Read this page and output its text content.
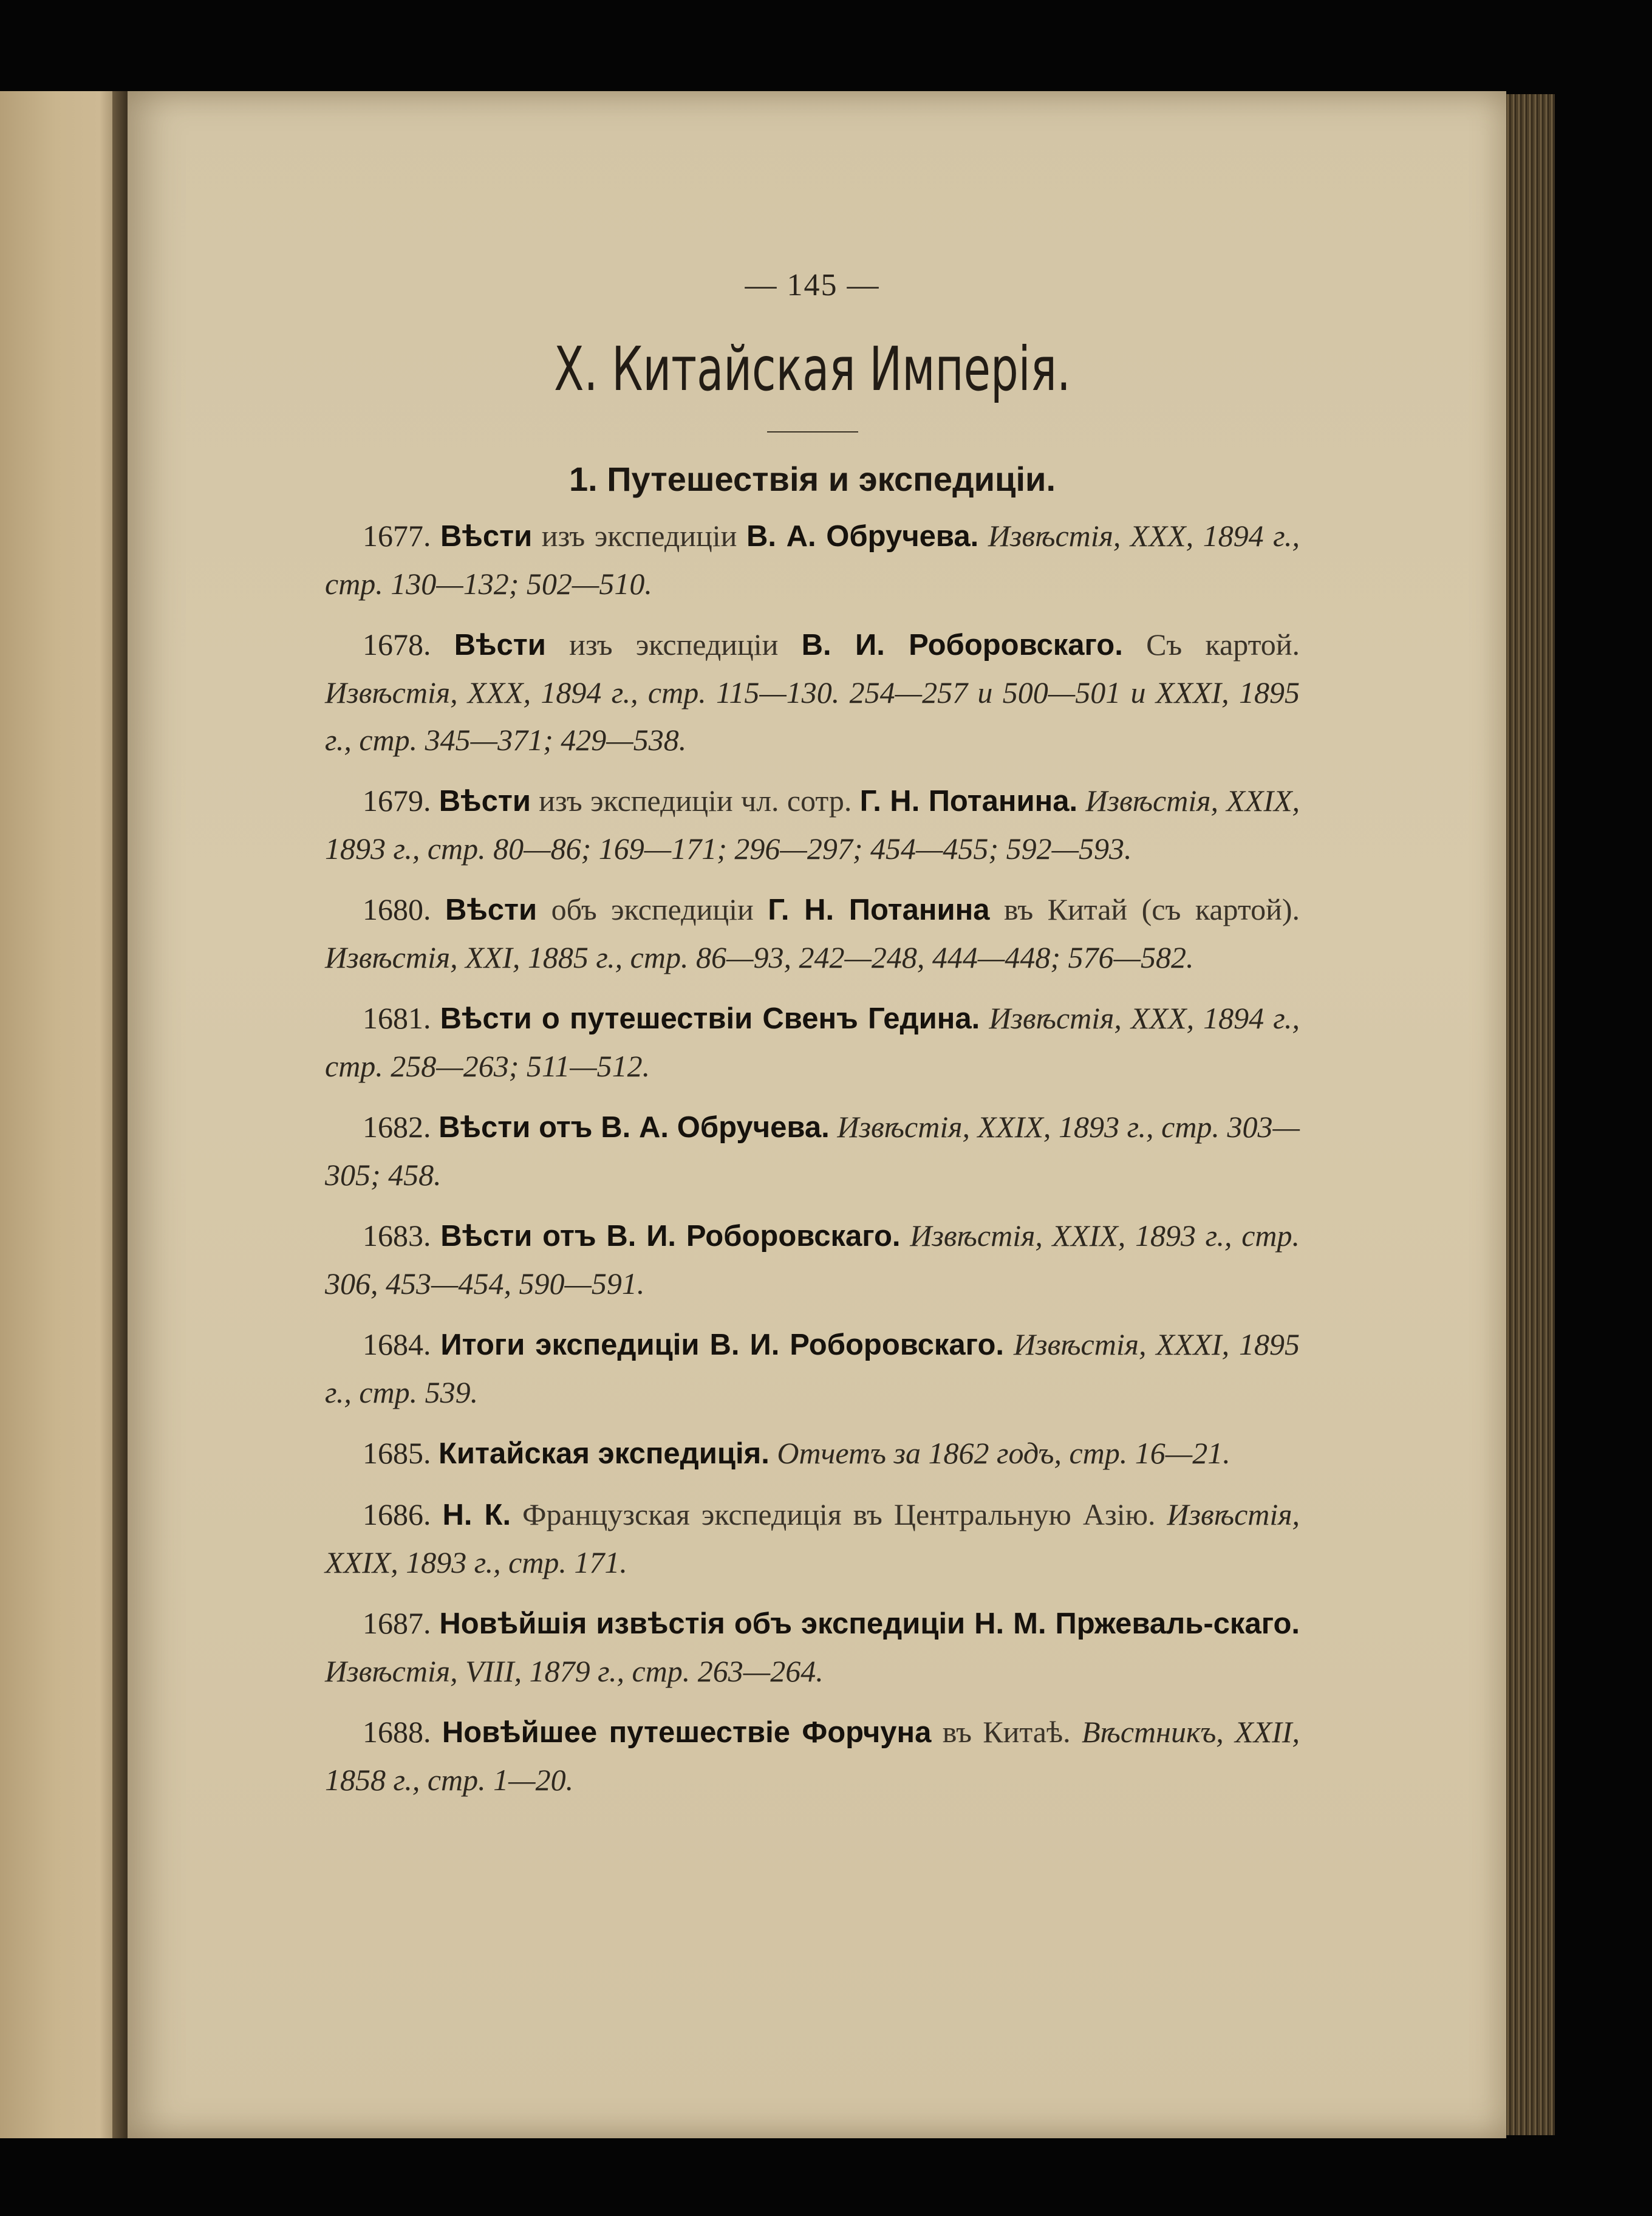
— 145 —
X. Китайская Имперія.
1. Путешествія и экспедиціи.

1677. Вѣсти изъ экспедиціи В. А. Обручева. Извѣстія, XXX, 1894 г., стр. 130—132; 502—510.

1678. Вѣсти изъ экспедиціи В. И. Роборовскаго. Съ картой. Извѣстія, XXX, 1894 г., стр. 115—130. 254—257 и 500—501 и XXXI, 1895 г., стр. 345—371; 429—538.

1679. Вѣсти изъ экспедиціи чл. сотр. Г. Н. Потанина. Извѣстія, XXIX, 1893 г., стр. 80—86; 169—171; 296—297; 454—455; 592—593.

1680. Вѣсти объ экспедиціи Г. Н. Потанина въ Китай (съ картой). Извѣстія, XXI, 1885 г., стр. 86—93, 242—248, 444—448; 576—582.

1681. Вѣсти о путешествіи Свенъ Гедина. Извѣстія, XXX, 1894 г., стр. 258—263; 511—512.

1682. Вѣсти отъ В. А. Обручева. Извѣстія, XXIX, 1893 г., стр. 303—305; 458.

1683. Вѣсти отъ В. И. Роборовскаго. Извѣстія, XXIX, 1893 г., стр. 306, 453—454, 590—591.

1684. Итоги экспедиціи В. И. Роборовскаго. Извѣстія, XXXI, 1895 г., стр. 539.

1685. Китайская экспедиція. Отчетъ за 1862 годъ, стр. 16—21.

1686. Н. К. Французская экспедиція въ Центральную Азію. Извѣстія, XXIX, 1893 г., стр. 171.

1687. Новѣйшія извѣстія объ экспедиціи Н. М. Пржеваль-скаго. Извѣстія, VIII, 1879 г., стр. 263—264.

1688. Новѣйшее путешествіе Форчуна въ Китаѣ. Вѣстникъ, XXII, 1858 г., стр. 1—20.
